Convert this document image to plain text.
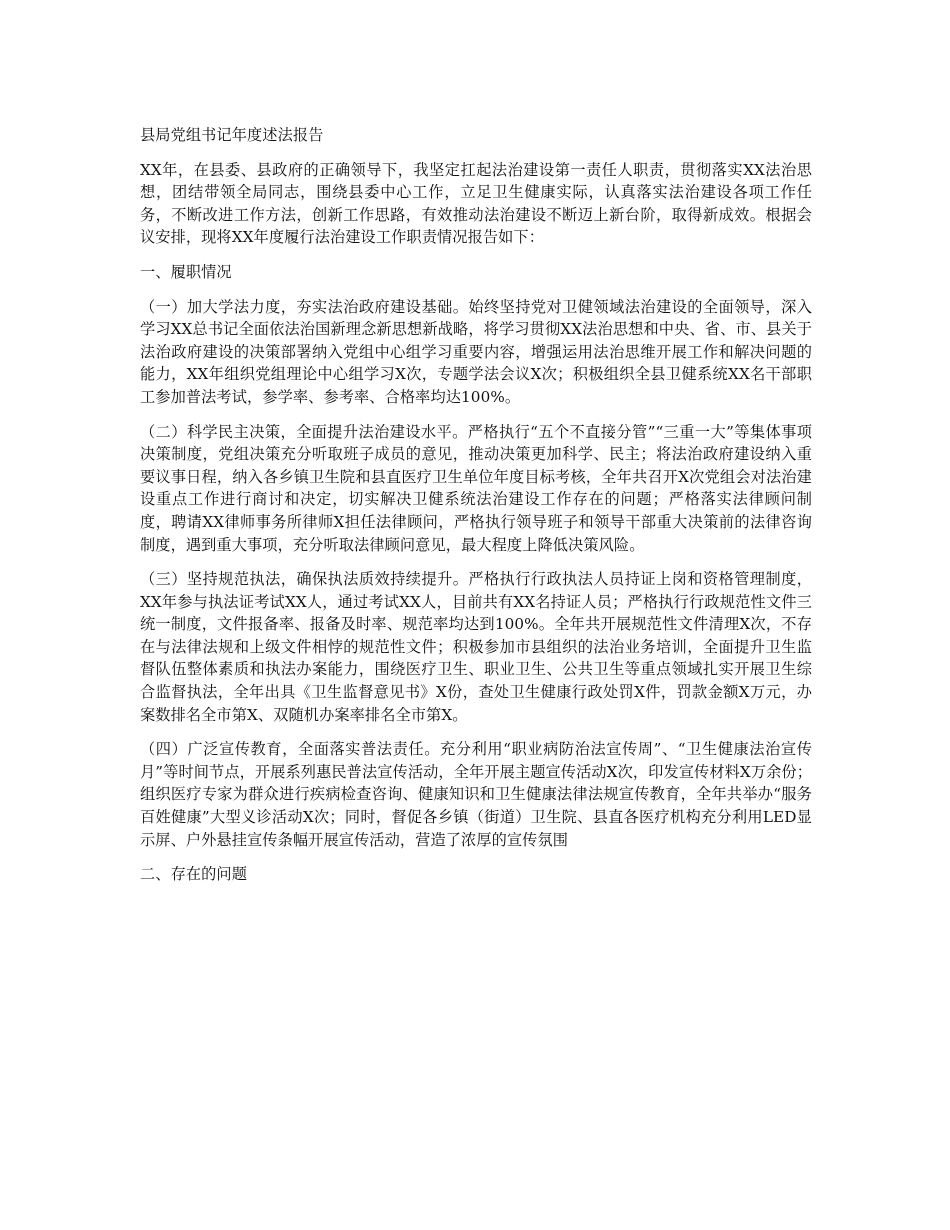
县局党组书记年度述法报告
XX年，在县委、县政府的正确领导下，我坚定扛起法治建设第一责任人职责，贯彻落实XX法治思想，团结带领全局同志，围绕县委中心工作，立足卫生健康实际，认真落实法治建设各项工作任务，不断改进工作方法，创新工作思路，有效推动法治建设不断迈上新台阶，取得新成效。根据会议安排，现将XX年度履行法治建设工作职责情况报告如下：
一、履职情况
（一）加大学法力度，夯实法治政府建设基础。始终坚持党对卫健领域法治建设的全面领导，深入学习XX总书记全面依法治国新理念新思想新战略，将学习贯彻XX法治思想和中央、省、市、县关于法治政府建设的决策部署纳入党组中心组学习重要内容，增强运用法治思维开展工作和解决问题的能力，XX年组织党组理论中心组学习X次，专题学法会议X次；积极组织全县卫健系统XX名干部职工参加普法考试，参学率、参考率、合格率均达100%。
（二）科学民主决策，全面提升法治建设水平。严格执行“五个不直接分管”“三重一大”等集体事项决策制度，党组决策充分听取班子成员的意见，推动决策更加科学、民主；将法治政府建设纳入重要议事日程，纳入各乡镇卫生院和县直医疗卫生单位年度目标考核，全年共召开X次党组会对法治建设重点工作进行商讨和决定，切实解决卫健系统法治建设工作存在的问题；严格落实法律顾问制度，聘请XX律师事务所律师X担任法律顾问，严格执行领导班子和领导干部重大决策前的法律咨询制度，遇到重大事项，充分听取法律顾问意见，最大程度上降低决策风险。
（三）坚持规范执法，确保执法质效持续提升。严格执行行政执法人员持证上岗和资格管理制度，XX年参与执法证考试XX人，通过考试XX人，目前共有XX名持证人员；严格执行行政规范性文件三统一制度，文件报备率、报备及时率、规范率均达到100%。全年共开展规范性文件清理X次，不存在与法律法规和上级文件相悖的规范性文件；积极参加市县组织的法治业务培训，全面提升卫生监督队伍整体素质和执法办案能力，围绕医疗卫生、职业卫生、公共卫生等重点领域扎实开展卫生综合监督执法，全年出具《卫生监督意见书》X份，查处卫生健康行政处罚X件，罚款金额X万元，办案数排名全市第X、双随机办案率排名全市第X。
（四）广泛宣传教育，全面落实普法责任。充分利用“职业病防治法宣传周”、“卫生健康法治宣传月”等时间节点，开展系列惠民普法宣传活动，全年开展主题宣传活动X次，印发宣传材料X万余份；组织医疗专家为群众进行疾病检查咨询、健康知识和卫生健康法律法规宣传教育，全年共举办“服务百姓健康”大型义诊活动X次；同时，督促各乡镇（街道）卫生院、县直各医疗机构充分利用LED显示屏、户外悬挂宣传条幅开展宣传活动，营造了浓厚的宣传氛围
二、存在的问题
